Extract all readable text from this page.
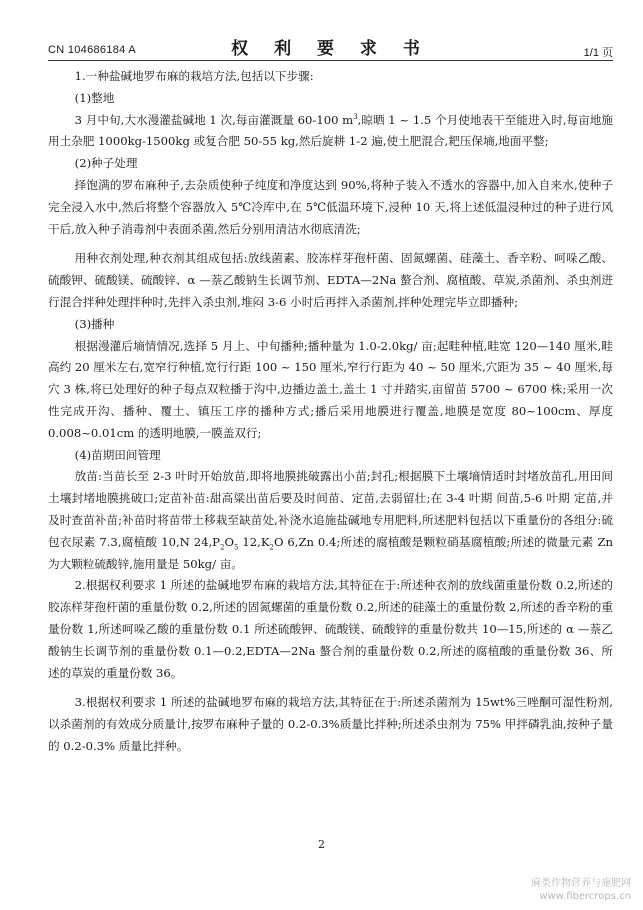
CN 104686184 A	权 利 要 求 书	1/1 页

1.一种盐碱地罗布麻的栽培方法,包括以下步骤:

(1)整地

3 月中旬,大水漫灌盐碱地 1 次,每亩灌溉量 60-100 $m^3$,晾晒 1 ~ 1.5 个月使地表干至能进入时,每亩地施用土杂肥 1000kg-1500kg 或复合肥 50-55 kg,然后旋耕 1-2 遍,使土肥混合,耙压保墒,地面平整;

(2)种子处理

择饱满的罗布麻种子,去杂质使种子纯度和净度达到 90%,将种子装入不透水的容器中,加入自来水,使种子完全浸入水中,然后将整个容器放入 5℃冷库中,在 5℃低温环境下,浸种 10 天,将上述低温浸种过的种子进行风干后,放入种子消毒剂中表面杀菌,然后分别用清洁水彻底清洗;

用种衣剂处理,种衣剂其组成包括:放线菌素、胶冻样芽孢杆菌、固氮螺菌、硅藻土、香辛粉、呵哚乙酸、硫酸钾、硫酸镁、硫酸锌、α —萘乙酸钠生长调节剂、EDTA—2Na 螯合剂、腐植酸、草炭,杀菌剂、杀虫剂进行混合拌种处理拌种时,先拌入杀虫剂,堆闷 3-6 小时后再拌入杀菌剂,拌种处理完毕立即播种;

(3)播种

根据漫灌后墒情情况,选择 5 月上、中旬播种;播种量为 1.0-2.0kg/ 亩;起畦种植,畦宽 120—140 厘米,畦高约 20 厘米左右,宽窄行种植,宽行行距 100 ~ 150 厘米,窄行行距为 40 ~ 50 厘米,穴距为 35 ~ 40 厘米,每穴 3 株,将已处理好的种子每点双粒播于沟中,边播边盖土,盖土 1 寸并踏实,亩留苗 5700 ~ 6700 株;采用一次性完成开沟、播种、覆土、镇压工序的播种方式;播后采用地膜进行覆盖,地膜是宽度 80~100cm、厚度 0.008~0.01cm 的透明地膜,一膜盖双行;

(4)苗期田间管理

放苗:当苗长至 2-3 叶时开始放苗,即将地膜挑破露出小苗;封孔;根据膜下土壤墒情适时封堵放苗孔,用田间土壤封堵地膜挑破口;定苗补苗:甜高粱出苗后要及时间苗、定苗,去弱留壮;在 3-4 叶期 间苗,5-6 叶期 定苗,并及时查苗补苗;补苗时将苗带土移栽至缺苗处,补浇水追施盐碱地专用肥料,所述肥料包括以下重量份的各组分:硫包衣尿素 7.3,腐植酸 10,N $24,P_2O_5$ $12,K_2O$ 6,Zn 0.4;所述的腐植酸是颗粒硝基腐植酸;所述的微量元素 Zn 为大颗粒硫酸锌,施用量是 50kg/ 亩。

2.根据权利要求 1 所述的盐碱地罗布麻的栽培方法,其特征在于:所述种衣剂的放线菌重量份数 0.2,所述的胶冻样芽孢杆菌的重量份数 0.2,所述的固氮螺菌的重量份数 0.2,所述的硅藻土的重量份数 2,所述的香辛粉的重量份数 1,所述呵哚乙酸的重量份数 0.1 所述硫酸钾、硫酸镁、硫酸锌的重量份数共 10—15,所述的 α —萘乙酸钠生长调节剂的重量份数 0.1—0.2,EDTA—2Na 螯合剂的重量份数 0.2,所述的腐植酸的重量份数 36、所述的草炭的重量份数 36。

3.根据权利要求 1 所述的盐碱地罗布麻的栽培方法,其特征在于:所述杀菌剂为 15wt%三唑酮可湿性粉剂,以杀菌剂的有效成分质量计,按罗布麻种子量的 0.2-0.3%质量比拌种;所述杀虫剂为 75% 甲拌磷乳油,按种子量的 0.2-0.3% 质量比拌种。

2
麻类作物营养与施肥网
www.fibercrops.cn
